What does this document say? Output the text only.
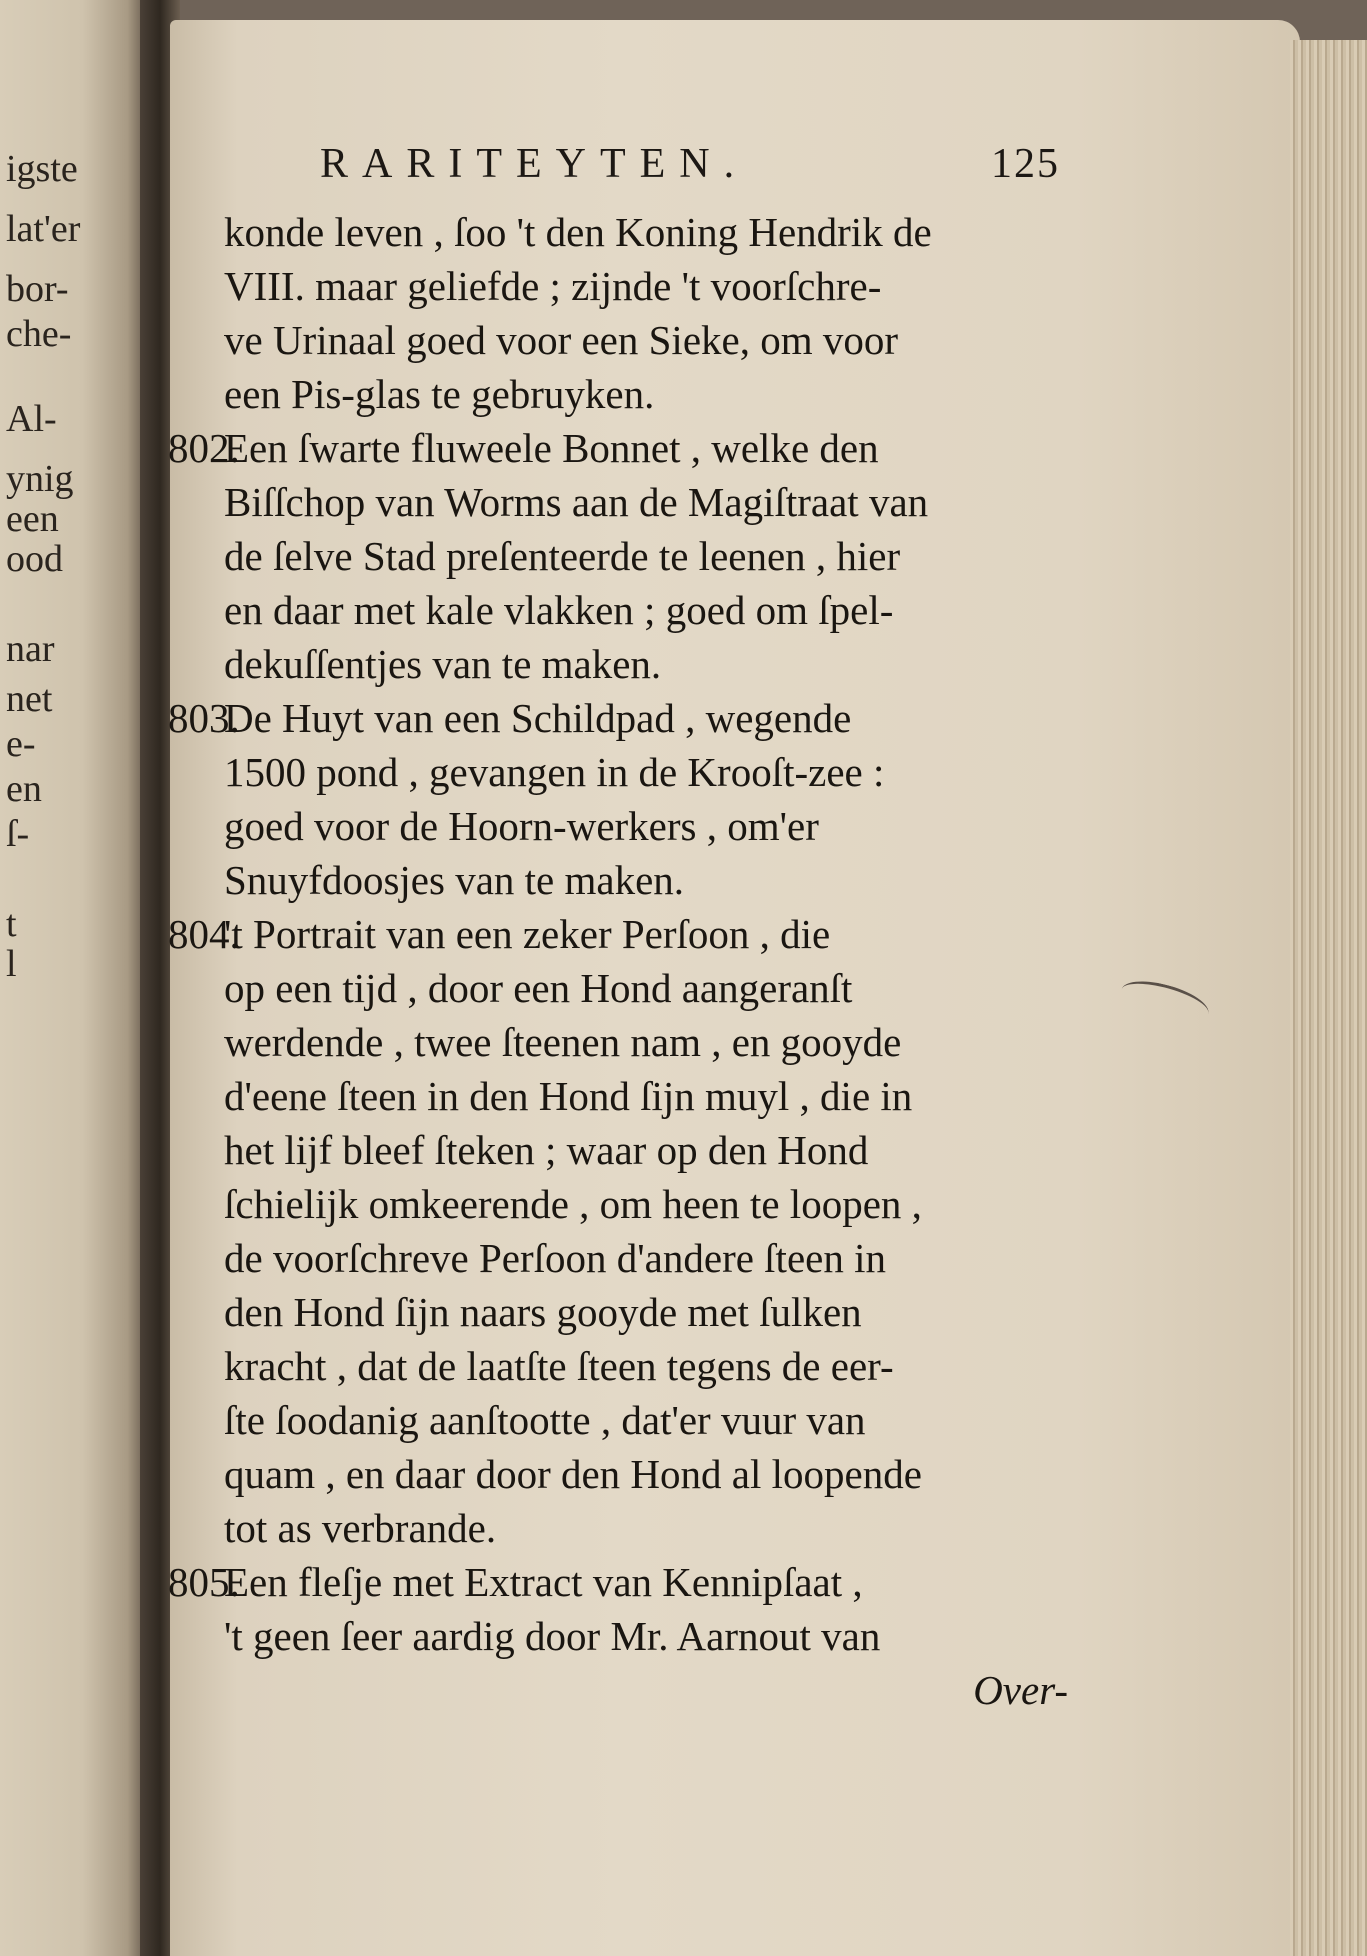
igste
lat'er
bor-
che-
Al-
ynig
een
ood
nar
net
e-
en
ſ-
t
l
RARITEYTEN.	125
konde leven , ſoo 't den Koning Hendrik de
VIII. maar geliefde ; zijnde 't voorſchre-
ve Urinaal goed voor een Sieke, om voor
een Pis-glas te gebruyken.
802.Een ſwarte fluweele Bonnet , welke den
Biſſchop van Worms aan de Magiſtraat van
de ſelve Stad preſenteerde te leenen , hier
en daar met kale vlakken ; goed om ſpel-
dekuſſentjes van te maken.
803.De Huyt van een Schildpad , wegende
1500 pond , gevangen in de Krooſt-zee :
goed voor de Hoorn-werkers , om'er
Snuyfdoosjes van te maken.
804.'t Portrait van een zeker Perſoon , die
op een tijd , door een Hond aangeranſt
werdende , twee ſteenen nam , en gooyde
d'eene ſteen in den Hond ſijn muyl , die in
het lijf bleef ſteken ; waar op den Hond
ſchielijk omkeerende , om heen te loopen ,
de voorſchreve Perſoon d'andere ſteen in
den Hond ſijn naars gooyde met ſulken
kracht , dat de laatſte ſteen tegens de eer-
ſte ſoodanig aanſtootte , dat'er vuur van
quam , en daar door den Hond al loopende
tot as verbrande.
805.Een fleſje met Extract van Kennipſaat ,
't geen ſeer aardig door Mr. Aarnout van
Over-
